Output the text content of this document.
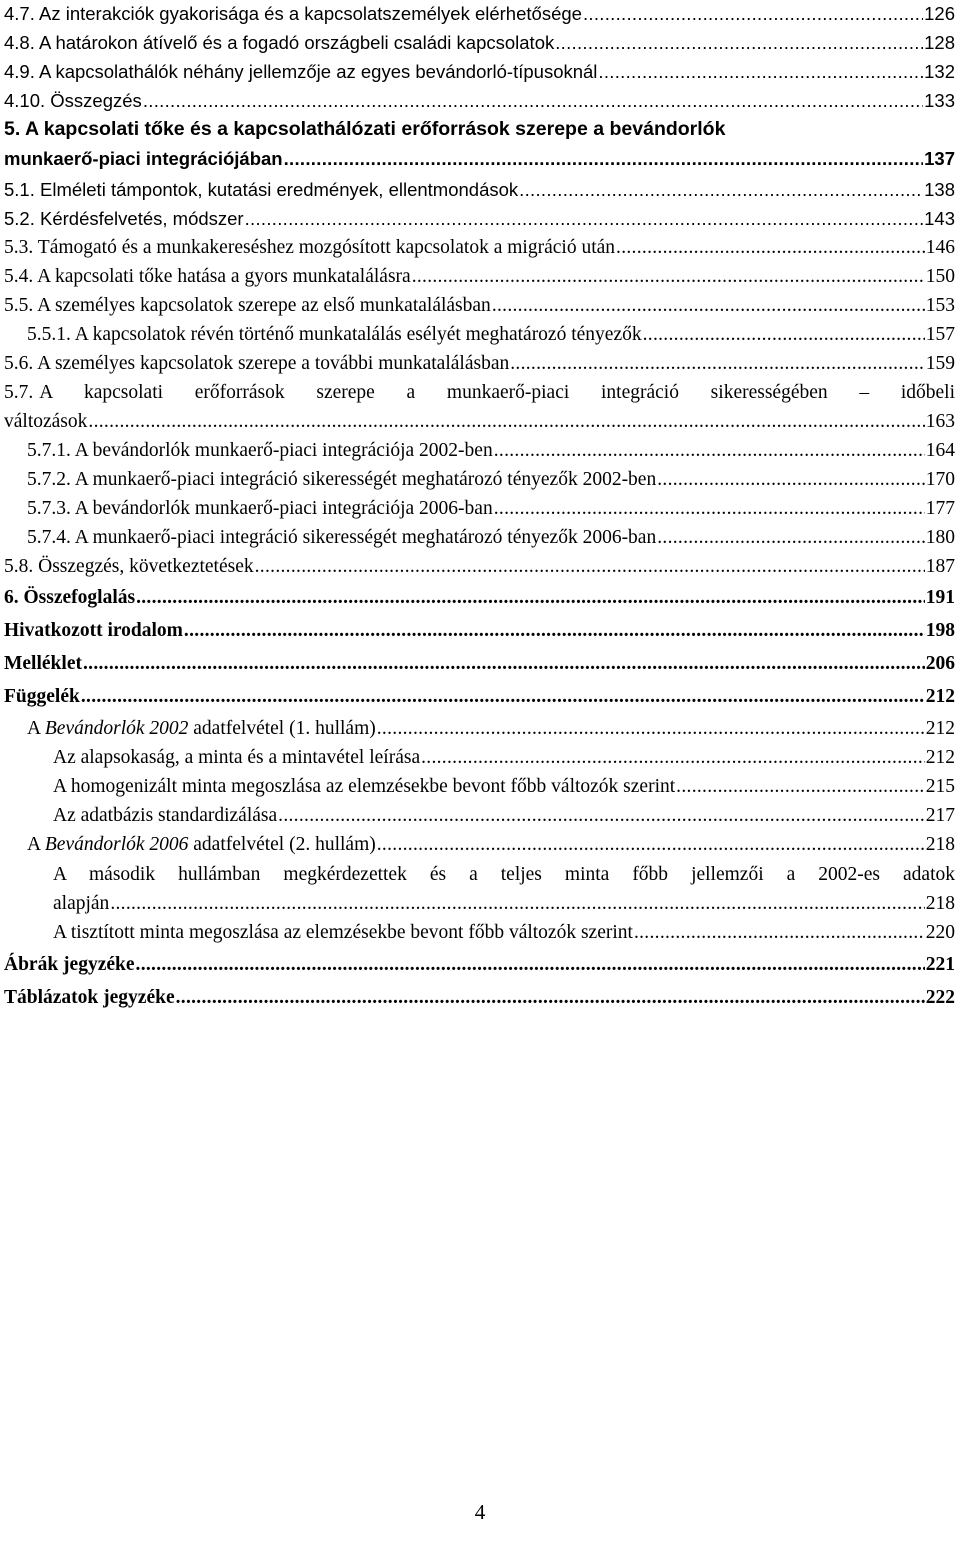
4.7. Az interakciók gyakorisága és a kapcsolatszemélyek elérhetősége .....	126
4.8. A határokon átívelő és a fogadó országbeli családi kapcsolatok .....	128
4.9. A kapcsolathálók néhány jellemzője az egyes bevándorló-típusoknál .....	132
4.10. Összegzés .....	133
5. A kapcsolati tőke és a kapcsolathálózati erőforrások szerepe a bevándorlók
munkaerő-piaci integrációjában .....	137
5.1. Elméleti támpontok, kutatási eredmények, ellentmondások .....	138
5.2. Kérdésfelvetés, módszer .....	143
5.3. Támogató és a munkakereséshez mozgósított kapcsolatok a migráció után .....	146
5.4. A kapcsolati tőke hatása a gyors munkatalálásra .....	150
5.5. A személyes kapcsolatok szerepe az első munkatalálásban .....	153
5.5.1. A kapcsolatok révén történő munkatalálás esélyét meghatározó tényezők .....	157
5.6. A személyes kapcsolatok szerepe a további munkatalálásban .....	159
5.7. A kapcsolati erőforrások szerepe a munkaerő-piaci integráció sikerességében – időbeli
változások .....	163
5.7.1. A bevándorlók munkaerő-piaci integrációja 2002-ben .....	164
5.7.2. A munkaerő-piaci integráció sikerességét meghatározó tényezők 2002-ben .....	170
5.7.3. A bevándorlók munkaerő-piaci integrációja 2006-ban .....	177
5.7.4. A munkaerő-piaci integráció sikerességét meghatározó tényezők 2006-ban .....	180
5.8. Összegzés, következtetések .....	187
6. Összefoglalás .....	191
Hivatkozott irodalom .....	198
Melléklet .....	206
Függelék .....	212
A Bevándorlók 2002 adatfelvétel (1. hullám) .....	212
Az alapsokaság, a minta és a mintavétel leírása .....	212
A homogenizált minta megoszlása az elemzésekbe bevont főbb változók szerint .....	215
Az adatbázis standardizálása .....	217
A Bevándorlók 2006 adatfelvétel (2. hullám) .....	218
A második hullámban megkérdezettek és a teljes minta főbb jellemzői a 2002-es adatok
alapján .....	218
A tisztított minta megoszlása az elemzésekbe bevont főbb változók szerint .....	220
Ábrák jegyzéke .....	221
Táblázatok jegyzéke .....	222
4
